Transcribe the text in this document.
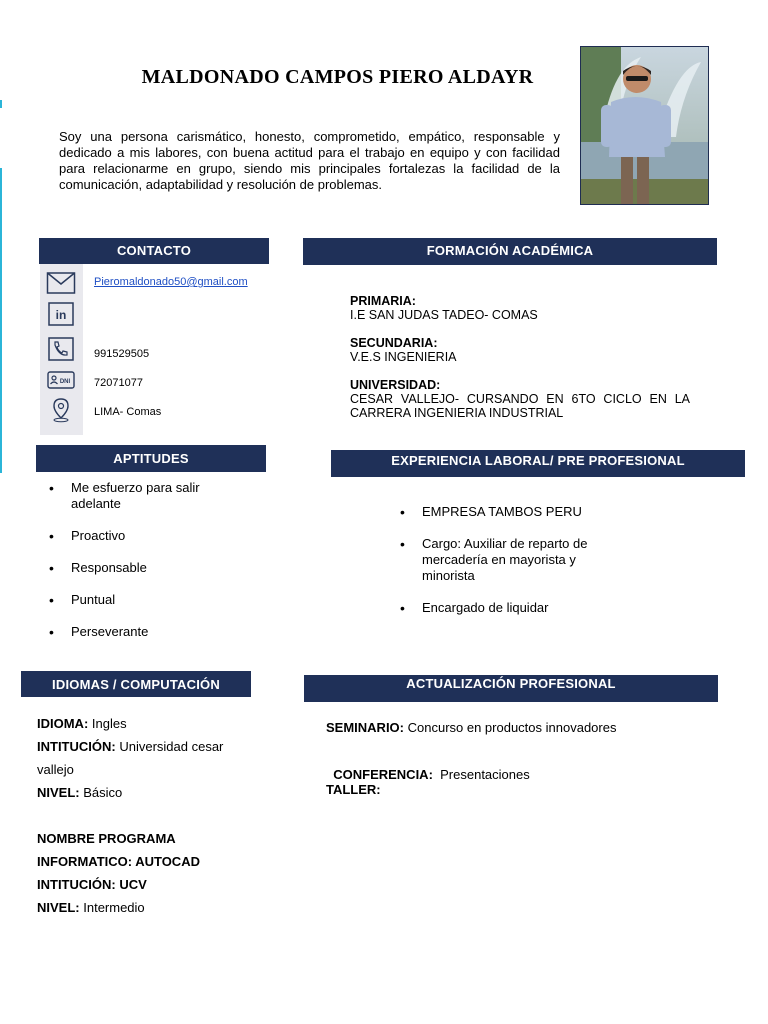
MALDONADO CAMPOS PIERO ALDAYR
Soy una persona carismático, honesto, comprometido, empático, responsable y dedicado a mis labores, con buena actitud para el trabajo en equipo y con facilidad para relacionarme en grupo, siendo mis principales fortalezas la facilidad de la comunicación, adaptabilidad y resolución de problemas.
CONTACTO
in
DNI
Pieromaldonado50@gmail.com
991529505
72071077
LIMA- Comas
FORMACIÓN ACADÉMICA
PRIMARIA:
I.E SAN JUDAS TADEO- COMAS
SECUNDARIA:
V.E.S INGENIERIA
UNIVERSIDAD:
CESAR VALLEJO- CURSANDO EN 6TO CICLO EN LA CARRERA INGENIERIA INDUSTRIAL
APTITUDES
• Me esfuerzo para salir adelante
• Proactivo
• Responsable
• Puntual
• Perseverante
EXPERIENCIA LABORAL/ PRE PROFESIONAL
• EMPRESA TAMBOS PERU
• Cargo: Auxiliar de reparto de mercadería en mayorista y minorista
• Encargado de liquidar
IDIOMAS / COMPUTACIÓN
IDIOMA: Ingles
INTITUCIÓN: Universidad cesar vallejo
NIVEL: Básico
NOMBRE PROGRAMA INFORMATICO: AUTOCAD
INTITUCIÓN: UCV
NIVEL: Intermedio
ACTUALIZACIÓN PROFESIONAL
SEMINARIO: Concurso en productos innovadores

CONFERENCIA:  Presentaciones

TALLER:
